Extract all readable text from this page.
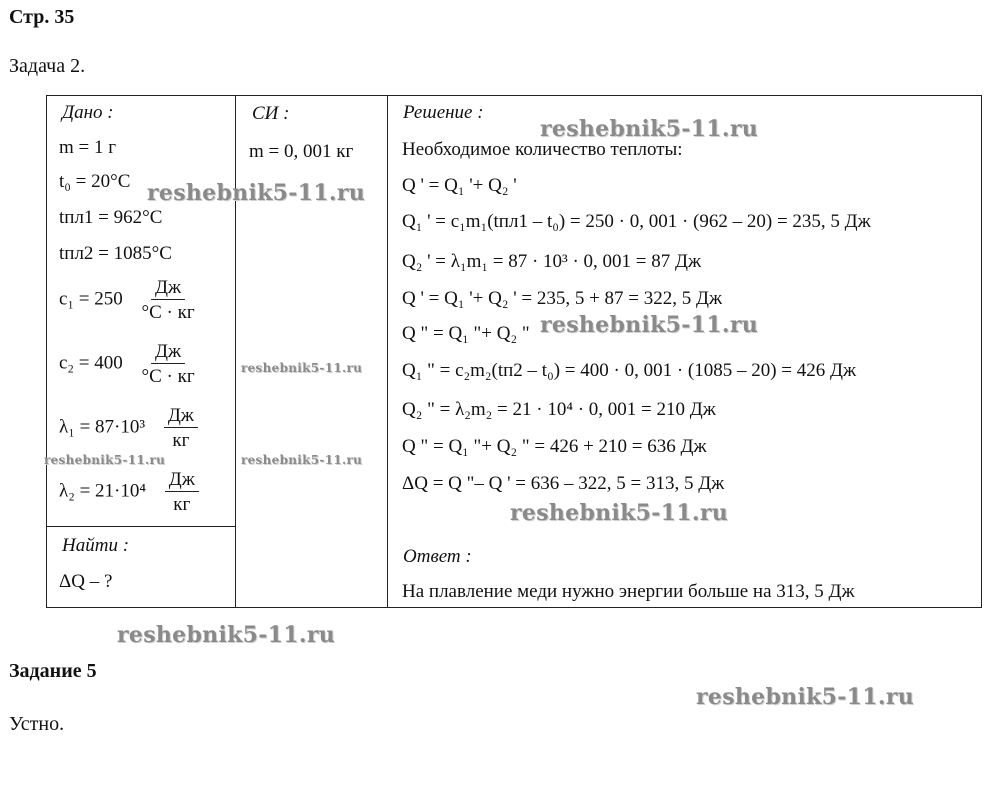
Стр. 35
Задача 2.
Дано :
m = 1 г
t₀ = 20°C
tпл1 = 962°C
tпл2 = 1085°C
$c_1 = 250 \frac{Дж}{^\circ C \cdot кг}$
$c_2 = 400 \frac{Дж}{^\circ C \cdot кг}$
$\lambda_1 = 87\cdot 10^3 \frac{Дж}{кг}$
$\lambda_2 = 21\cdot 10^4 \frac{Дж}{кг}$
Найти :
ΔQ – ?
СИ :
m = 0, 001 кг
Решение :
Необходимое количество теплоты:
Q ' = Q₁ '+ Q₂ '
Q₁ ' = c₁m₁(tпл1 – t₀) = 250 · 0, 001 · (962 – 20) = 235, 5 Дж
Q₂ ' = λ₁m₁ = 87 · 10³ · 0, 001 = 87 Дж
Q ' = Q₁ '+ Q₂ ' = 235, 5 + 87 = 322, 5 Дж
Q " = Q₁ "+ Q₂ "
Q₁ " = c₂m₂(tп2 – t₀) = 400 · 0, 001 · (1085 – 20) = 426 Дж
Q₂ " = λ₂m₂ = 21 · 10⁴ · 0, 001 = 210 Дж
Q " = Q₁ "+ Q₂ " = 426 + 210 = 636 Дж
ΔQ = Q "– Q ' = 636 – 322, 5 = 313, 5 Дж
Ответ :
На плавление меди нужно энергии больше на 313, 5 Дж
Задание 5
Устно.
reshebnik5-11.ru
reshebnik5-11.ru
reshebnik5-11.ru
reshebnik5-11.ru
reshebnik5-11.ru	reshebnik5-11.ru
reshebnik5-11.ru
reshebnik5-11.ru
reshebnik5-11.ru
